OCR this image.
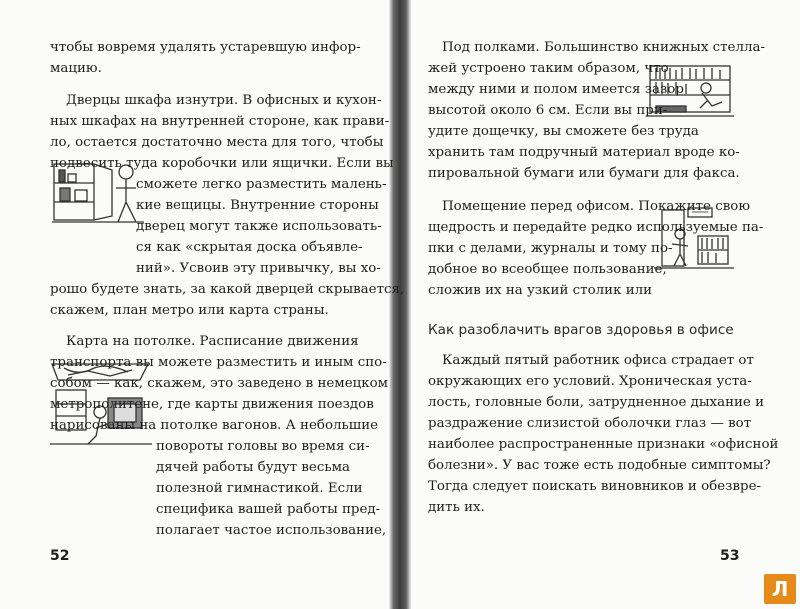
чтобы вовремя удалять устаревшую инфор-
мацию.
Дверцы шкафа изнутри. В офисных и кухон-
ных шкафах на внутренней стороне, как прави-
ло, остается достаточно места для того, чтобы
подвесить туда коробочки или ящички. Если вы
сможете легко разместить малень-
кие вещицы. Внутренние стороны
дверец могут также использовать-
ся как «скрытая доска объявле-
ний». Усвоив эту привычку, вы хо-
рошо будете знать, за какой дверцей скрывается,
скажем, план метро или карта страны.
Карта на потолке. Расписание движения
транспорта вы можете разместить и иным спо-
собом — как, скажем, это заведено в немецком
метрополитене, где карты движения поездов
нарисованы на потолке вагонов. А небольшие
повороты головы во время си-
дячей работы будут весьма
полезной гимнастикой. Если
специфика вашей работы пред-
полагает частое использование,
52
Под полками. Большинство книжных стелла-
жей устроено таким образом, что
между ними и полом имеется зазор
высотой около 6 см. Если вы при-
удите дощечку, вы сможете без труда
хранить там подручный материал вроде ко-
пировальной бумаги или бумаги для факса.
Помещение перед офисом. Покажите свою
щедрость и передайте редко используемые па-
пки с делами, журналы и тому по-
добное во всеобщее пользование,
сложив их на узкий столик или
Как разоблачить врагов здоровья в офисе
Каждый пятый работник офиса страдает от
окружающих его условий. Хроническая уста-
лость, головные боли, затрудненное дыхание и
раздражение слизистой оболочки глаз — вот
наиболее распространенные признаки «офисной
болезни». У вас тоже есть подобные симптомы?
Тогда следует поискать виновников и обезвре-
дить их.
53
Л
